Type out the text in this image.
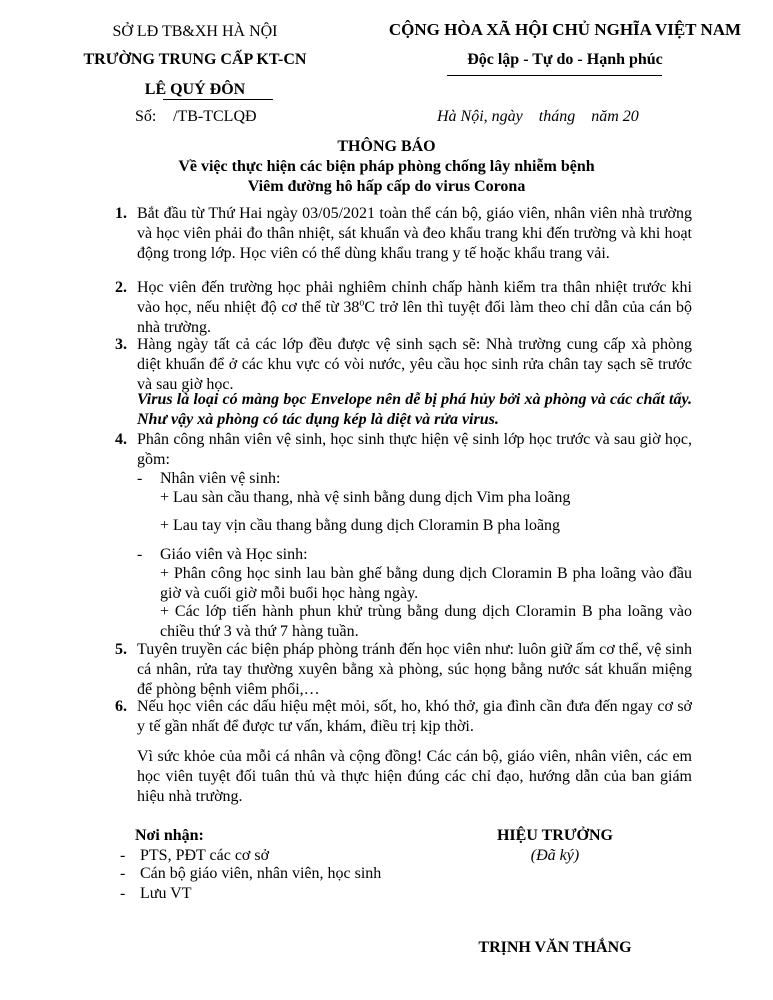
SỞ LĐ TB&XH HÀ NỘI
TRƯỜNG TRUNG CẤP KT-CN
LÊ QUÝ ĐÔN
CỘNG HÒA XÃ HỘI CHỦ NGHĨA VIỆT NAM
Độc lập - Tự do - Hạnh phúc
Số: /TB-TCLQĐ	Hà Nội, ngày    tháng    năm 20
THÔNG BÁO
Về việc thực hiện các biện pháp phòng chống lây nhiễm bệnh
Viêm đường hô hấp cấp do virus Corona
1. Bắt đầu từ Thứ Hai ngày 03/05/2021 toàn thể cán bộ, giáo viên, nhân viên nhà trường và học viên phải đo thân nhiệt, sát khuẩn và đeo khẩu trang khi đến trường và khi hoạt động trong lớp. Học viên có thể dùng khẩu trang y tế hoặc khẩu trang vải.
2. Học viên đến trường học phải nghiêm chỉnh chấp hành kiểm tra thân nhiệt trước khi vào học, nếu nhiệt độ cơ thể từ 38$^o$C trở lên thì tuyệt đối làm theo chỉ dẫn của cán bộ nhà trường.
3. Hàng ngày tất cả các lớp đều được vệ sinh sạch sẽ: Nhà trường cung cấp xà phòng diệt khuẩn để ở các khu vực có vòi nước, yêu cầu học sinh rửa chân tay sạch sẽ trước và sau giờ học.
Virus là loại có màng bọc Envelope nên dễ bị phá hủy bởi xà phòng và các chất tẩy. Như vậy xà phòng có tác dụng kép là diệt và rửa virus.
4. Phân công nhân viên vệ sinh, học sinh thực hiện vệ sinh lớp học trước và sau giờ học, gồm:
- Nhân viên vệ sinh:
+ Lau sàn cầu thang, nhà vệ sinh bằng dung dịch Vim pha loãng
+ Lau tay vịn cầu thang bằng dung dịch Cloramin B pha loãng
- Giáo viên và Học sinh:
+ Phân công học sinh lau bàn ghế bằng dung dịch Cloramin B pha loãng vào đầu giờ và cuối giờ mỗi buổi học hàng ngày.
+ Các lớp tiến hành phun khử trùng bằng dung dịch Cloramin B pha loãng vào chiều thứ 3 và thứ 7 hàng tuần.
5. Tuyên truyền các biện pháp phòng tránh đến học viên như: luôn giữ ấm cơ thể, vệ sinh cá nhân, rửa tay thường xuyên bằng xà phòng, súc họng bằng nước sát khuẩn miệng để phòng bệnh viêm phổi,…
6. Nếu học viên các dấu hiệu mệt mỏi, sốt, ho, khó thở, gia đình cần đưa đến ngay cơ sở y tế gần nhất để được tư vấn, khám, điều trị kịp thời.
Vì sức khỏe của mỗi cá nhân và cộng đồng! Các cán bộ, giáo viên, nhân viên, các em học viên tuyệt đối tuân thủ và thực hiện đúng các chỉ đạo, hướng dẫn của ban giám hiệu nhà trường.
Nơi nhận:
- PTS, PĐT các cơ sở
- Cán bộ giáo viên, nhân viên, học sinh
- Lưu VT
HIỆU TRƯỞNG
(Đã ký)
TRỊNH VĂN THẮNG
